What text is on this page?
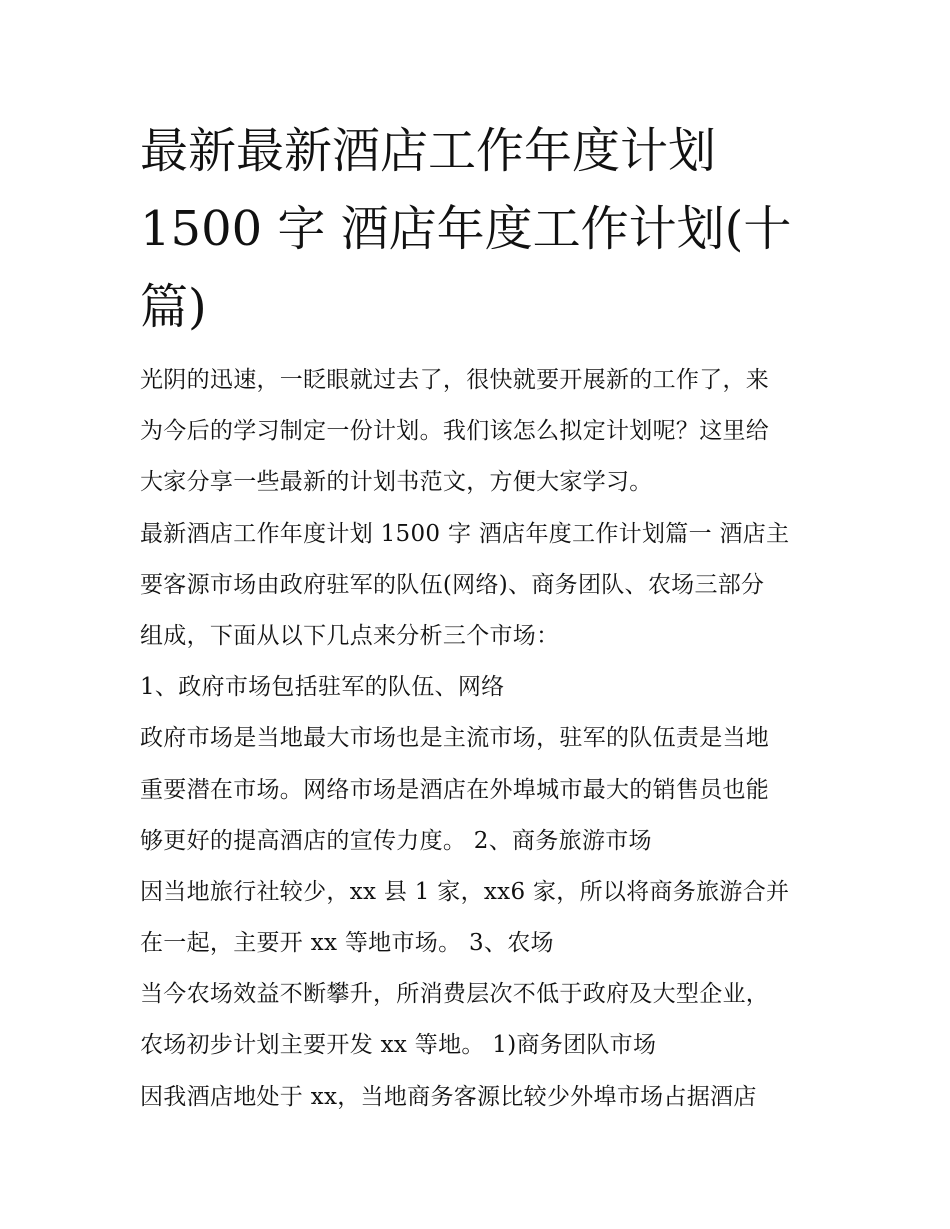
最新最新酒店工作年度计划
1500 字 酒店年度工作计划(十
篇)
光阴的迅速，一眨眼就过去了，很快就要开展新的工作了，来
为今后的学习制定一份计划。我们该怎么拟定计划呢？这里给
大家分享一些最新的计划书范文，方便大家学习。
最新酒店工作年度计划 1500 字 酒店年度工作计划篇一 酒店主
要客源市场由政府驻军的队伍(网络)、商务团队、农场三部分
组成，下面从以下几点来分析三个市场：
1、政府市场包括驻军的队伍、网络
政府市场是当地最大市场也是主流市场，驻军的队伍责是当地
重要潜在市场。网络市场是酒店在外埠城市最大的销售员也能
够更好的提高酒店的宣传力度。 2、商务旅游市场
因当地旅行社较少，xx 县 1 家，xx6 家，所以将商务旅游合并
在一起，主要开 xx 等地市场。 3、农场
当今农场效益不断攀升，所消费层次不低于政府及大型企业，
农场初步计划主要开发 xx 等地。 1)商务团队市场
因我酒店地处于 xx，当地商务客源比较少外埠市场占据酒店
